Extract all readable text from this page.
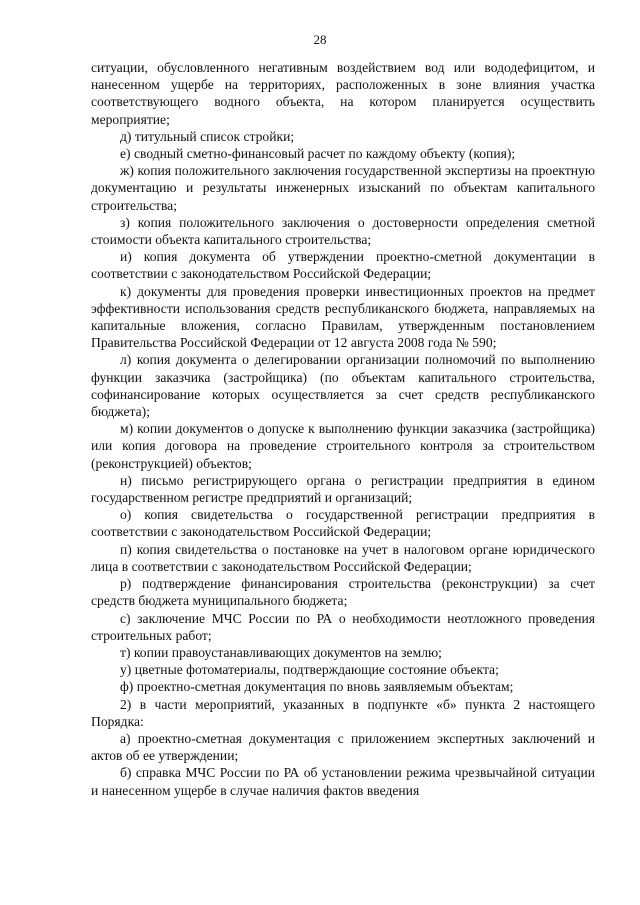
28

ситуации, обусловленного негативным воздействием вод или вододефицитом, и нанесенном ущербе на территориях, расположенных в зоне влияния участка соответствующего водного объекта, на котором планируется осуществить мероприятие;

д) титульный список стройки;

е) сводный сметно-финансовый расчет по каждому объекту (копия);

ж) копия положительного заключения государственной экспертизы на проектную документацию и результаты инженерных изысканий по объектам капитального строительства;

з) копия положительного заключения о достоверности определения сметной стоимости объекта капитального строительства;

и) копия документа об утверждении проектно-сметной документации в соответствии с законодательством Российской Федерации;

к) документы для проведения проверки инвестиционных проектов на предмет эффективности использования средств республиканского бюджета, направляемых на капитальные вложения, согласно Правилам, утвержденным постановлением Правительства Российской Федерации от 12 августа 2008 года № 590;

л) копия документа о делегировании организации полномочий по выполнению функции заказчика (застройщика) (по объектам капитального строительства, софинансирование которых осуществляется за счет средств республиканского бюджета);

м) копии документов о допуске к выполнению функции заказчика (застройщика) или копия договора на проведение строительного контроля за строительством (реконструкцией) объектов;

н) письмо регистрирующего органа о регистрации предприятия в едином государственном регистре предприятий и организаций;

о) копия свидетельства о государственной регистрации предприятия в соответствии с законодательством Российской Федерации;

п) копия свидетельства о постановке на учет в налоговом органе юридического лица в соответствии с законодательством Российской Федерации;

р) подтверждение финансирования строительства (реконструкции) за счет средств бюджета муниципального бюджета;

с) заключение МЧС России по РА о необходимости неотложного проведения строительных работ;

т) копии правоустанавливающих документов на землю;

у) цветные фотоматериалы, подтверждающие состояние объекта;

ф) проектно-сметная документация по вновь заявляемым объектам;

2) в части мероприятий, указанных в подпункте «б» пункта 2 настоящего Порядка:

а) проектно-сметная документация с приложением экспертных заключений и актов об ее утверждении;

б) справка МЧС России по РА об установлении режима чрезвычайной ситуации и нанесенном ущербе в случае наличия фактов введения
